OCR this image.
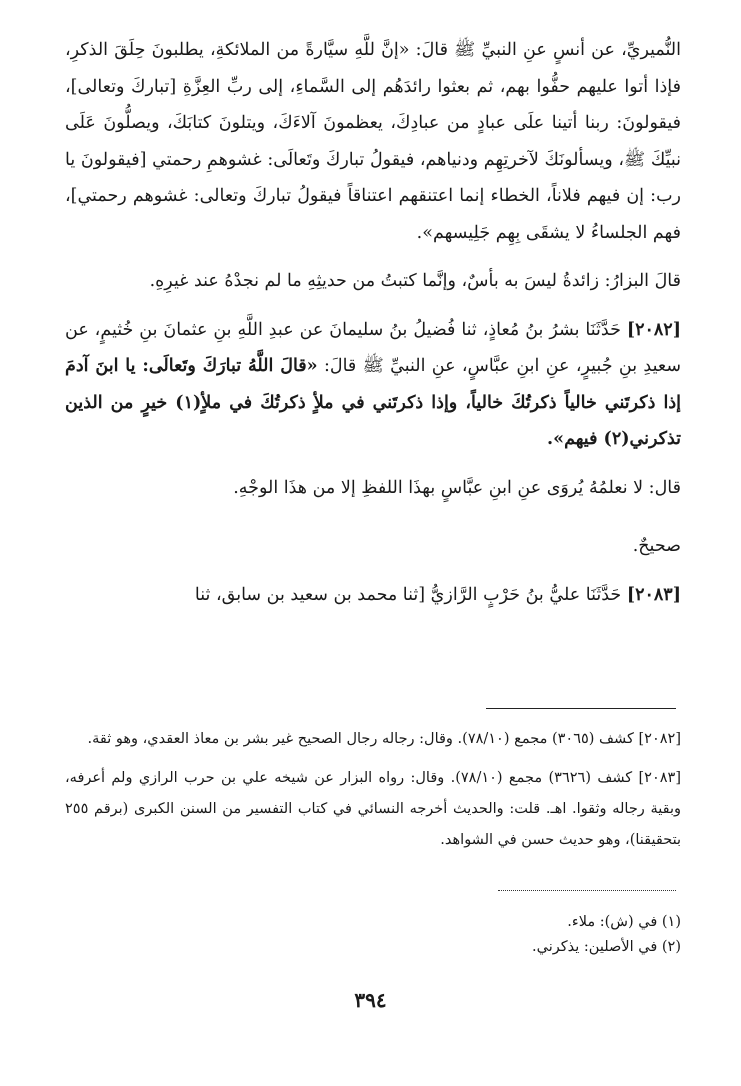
النُّميريِّ، عن أنسٍ عنِ النبيِّ ﷺ قالَ: «إنَّ للَّهِ سيَّارةً من الملائكةِ، يطلبونَ حِلَقَ الذكرِ، فإذا أتوا عليهم حفُّوا بهم، ثم بعثوا رائدَهُم إلى السَّماءِ، إلى ربِّ العِزَّةِ [تباركَ وتعالى]، فيقولونَ: ربنا أتينا علَى عبادٍ من عبادِكَ، يعظمونَ آلاءَكَ، ويتلونَ كتابَكَ، ويصلُّونَ عَلَى نبيِّكَ ﷺ، ويسألونَكَ لآخرتِهِم ودنياهم، فيقولُ تباركَ وتَعالَى: غشوهمِ رحمتي [فيقولونَ يا رب: إن فيهم فلاناً، الخطاء إنما اعتنقهم اعتناقاً فيقولُ تباركَ وتعالى: غشوهم رحمتي]، فهم الجلساءُ لا يشقَى بِهِم جَلِيسهم».

قالَ البزارُ: زائدةُ ليسَ به بأسٌ، وإنَّما كتبتُ من حديثِهِ ما لم نجدْهُ عند غيرِهِ.

[٢٠٨٢] حَدَّثَنَا بشرُ بنُ مُعاذٍ، ثنا فُضيلُ بنُ سليمانَ عن عبدِ اللَّهِ بنِ عثمانَ بنِ خُثيمٍ، عن سعيدِ بنِ جُبيرٍ، عنِ ابنِ عبَّاسٍ، عنِ النبيِّ ﷺ قالَ: «قالَ اللَّهُ تبارَكَ وتَعالَى: يا ابنَ آدمَ إذا ذكرتَني خالياً ذكرتُكَ خالياً، وإذا ذكرتَني في ملأٍ ذكرتُكَ في ملأٍ(١) خيرٍ من الذين تذكرني(٢) فيهم».

قال: لا نعلمُهُ يُروَى عنِ ابنِ عبَّاسٍ بهذَا اللفظِ إلا من هذَا الوجْهِ.

صحيحٌ.

[٢٠٨٣] حَدَّثَنَا عليُّ بنُ حَرْبٍ الرَّازيُّ [ثنا محمد بن سعيد بن سابق، ثنا

[٢٠٨٢] كشف (٣٠٦٥) مجمع (٧٨/١٠). وقال: رجاله رجال الصحيح غير بشر بن معاذ العقدي، وهو ثقة.

[٢٠٨٣] كشف (٣٦٢٦) مجمع (٧٨/١٠). وقال: رواه البزار عن شيخه علي بن حرب الرازي ولم أعرفه، وبقية رجاله وثقوا. اهـ. قلت: والحديث أخرجه النسائي في كتاب التفسير من السنن الكبرى (برقم ٢٥٥ بتحقيقنا)، وهو حديث حسن في الشواهد.

(١) في (ش): ملاء.

(٢) في الأصلين: يذكرني.

٣٩٤
